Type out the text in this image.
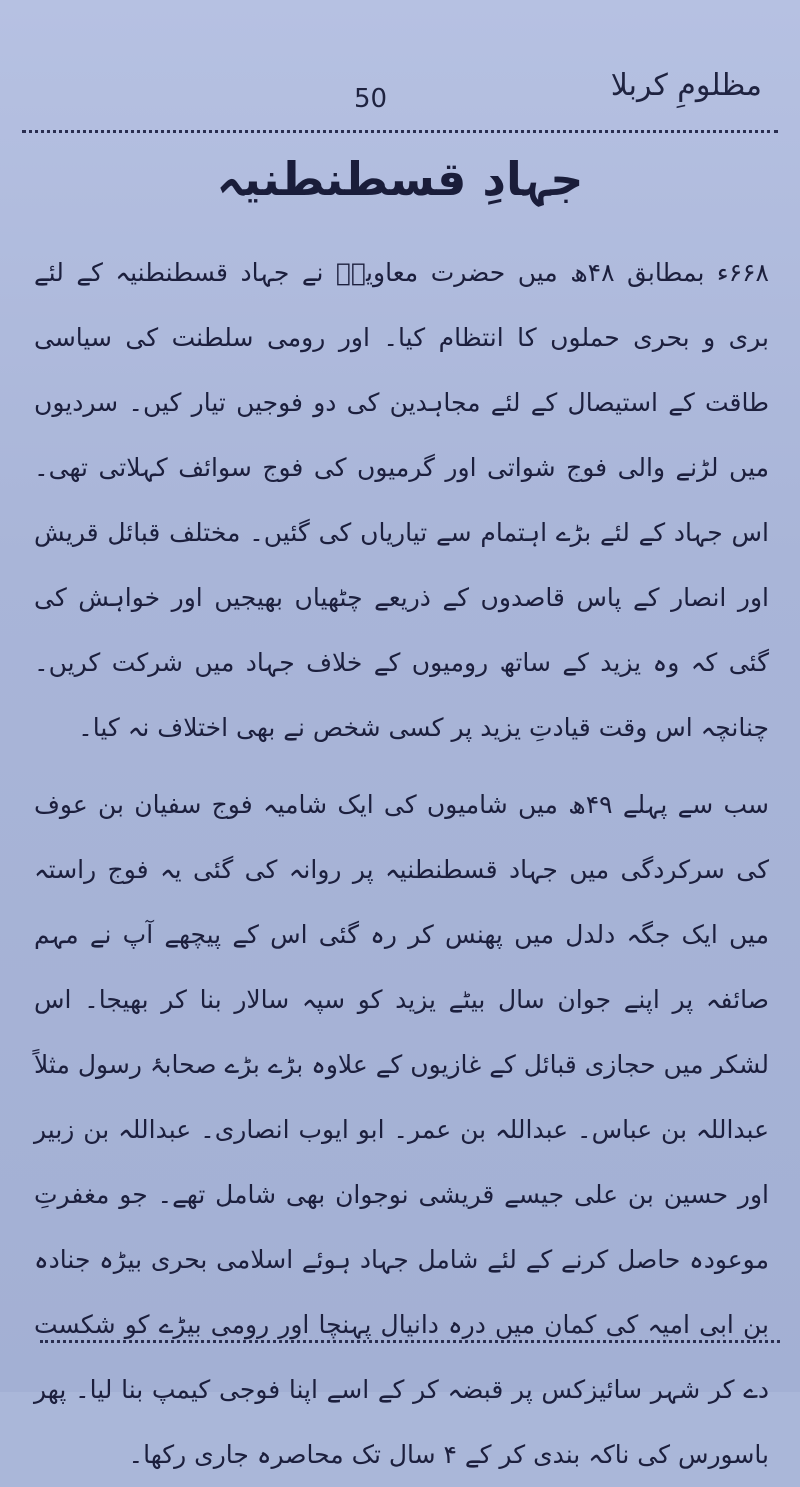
مظلومِ کربلا
50
جہادِ قسطنطنیہ

۶۶۸ء بمطابق ۴۸ھ میں حضرت معاویہؓ نے جہاد قسطنطنیہ کے لئے بری و بحری حملوں کا انتظام کیا۔ اور رومی سلطنت کی سیاسی طاقت کے استیصال کے لئے مجاہدین کی دو فوجیں تیار کیں۔ سردیوں میں لڑنے والی فوج شواتی اور گرمیوں کی فوج سوائف کہلاتی تھی۔ اس جہاد کے لئے بڑے اہتمام سے تیاریاں کی گئیں۔ مختلف قبائل قریش اور انصار کے پاس قاصدوں کے ذریعے چٹھیاں بھیجیں اور خواہش کی گئی کہ وہ یزید کے ساتھ رومیوں کے خلاف جہاد میں شرکت کریں۔ چنانچہ اس وقت قیادتِ یزید پر کسی شخص نے بھی اختلاف نہ کیا۔

سب سے پہلے ۴۹ھ میں شامیوں کی ایک شامیہ فوج سفیان بن عوف کی سرکردگی میں جہاد قسطنطنیہ پر روانہ کی گئی یہ فوج راستہ میں ایک جگہ دلدل میں پھنس کر رہ گئی اس کے پیچھے آپ نے مہم صائفہ پر اپنے جوان سال بیٹے یزید کو سپہ سالار بنا کر بھیجا۔ اس لشکر میں حجازی قبائل کے غازیوں کے علاوہ بڑے بڑے صحابۂ رسول مثلاً عبداللہ بن عباس۔ عبداللہ بن عمر۔ ابو ایوب انصاری۔ عبداللہ بن زبیر اور حسین بن علی جیسے قریشی نوجوان بھی شامل تھے۔ جو مغفرتِ موعودہ حاصل کرنے کے لئے شامل جہاد ہوئے اسلامی بحری بیڑہ جنادہ بن ابی امیہ کی کمان میں درہ دانیال پہنچا اور رومی بیڑے کو شکست دے کر شہر سائیزکس پر قبضہ کر کے اسے اپنا فوجی کیمپ بنا لیا۔ پھر باسورس کی ناکہ بندی کر کے ۴ سال تک محاصرہ جاری رکھا۔
